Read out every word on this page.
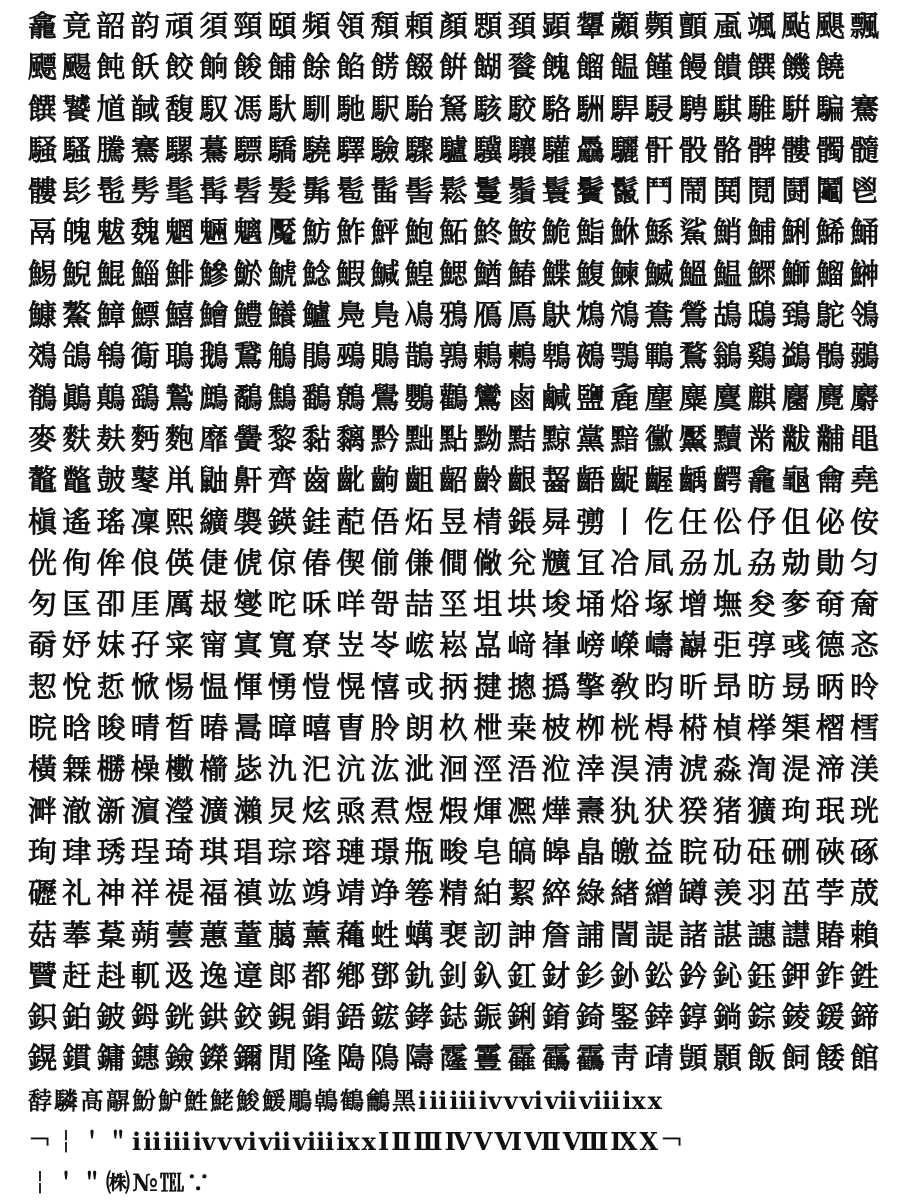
龕竟韶韵頑須頸頤頻領頽頼顏顋頚顕顰顪顭顫颪颯颭颶飄
飃颺飩飫餃餉餕餔餘餡餝餟餠餬餮餽餾饂饉饅饋饌饑饒
饌饕馗馘馥馭馮馱馴馳駅駘駑駭駮駱駲駻駸騁騏騅騈騙騫
騒騷騰騫騾驀驃驕驍驛驗驟驢驥驤驩驫驪骭骰骼髀髏髑髓
髏髟髢髣髦髯髫髮髴髱髷髻鬆鬘鬚鬟鬢鬣鬥鬧鬨鬩鬪鬮鬯
鬲魄魃魏魍魎魑魘魴鮓鮃鮑鮖鮗鮟鮠鮨鮴鯀鯊鮹鯆鯏鯑鯒
鯣鯢鯤鯔鯡鰺鯲鯱鯰鰕鰔鰉鰓鰌鰆鰈鰒鰊鰄鰮鰛鰥鰤鰡鰰
鱇鰲鱆鰾鱚鱠鱧鱶鱸鳧鳬鳰鴉鴈鳫鴃鴆鴪鴦鶯鴣鴟鵄鴕鴒
鵁鴿鴾鵆鵈鵝鵞鵤鵑鵐鵙鵲鶉鶇鶫鵯鵺鶚鶤鶩鶲鷄鷁鶻鶸
鶺鷆鷏鷂鷙鷓鷸鷦鷭鷯鷽鸚鸛鸞鹵鹹鹽麁麈麋麌麒麕麑麝
麥麩麸麪麭靡黌黎黏黐黔黜點黝黠黥黨黯黴黶黷黹黻黼黽
鼇鼈皷鼕鼡鼬鼾齊齒齔齣齟齠齡齦齧齬齪齷齲齶龕龜龠堯
槇遙瑤凜熙纊褜鍈銈蓜俉炻昱棈鋹曻彅丨仡仼伀伃伹佖侒
侊侚侔俍偀倢俿倞偆偰偂傔僴僘兊兤冝冾凬刕劜劦勀勛匀
匇匤卲厓厲叝燮咜咊咩哿喆坙坥垬埈埇焀塚增墲夋奓奛奝
奣妤妺孖寀甯寘寬尞岦岺峵崧嵓﨑嵂嵭嶸嶹巐弡弴彧德忞
恝悅悊惞惕愠惲愑愷愰憘戓抦揵摠撝擎敎昀昕昻昉昮昞昤
晥晗晙晴晳暙暠暲暿曺朎朗杦枻桒柀栁桄棏﨓楨﨔榘槢樰
橫橆橳橾櫢櫤毖氿汜沆汯泚洄涇浯涖涬淏淸淲淼渹湜渧渼
溿澈澵濵瀅瀇瀨炅炫焏焄煜煆煇凞燁燾犱犾猤猪獷玽珉珖
珣珒琇珵琦琪琩琮瑢璉璟甁畯皂皜皞皛皦益睆劯砡硎硤硺
礰礼神祥禔福禛竑竧靖竫箞精絈絜綷綠緖繒罇羡羽茁荢荿
菇菶葈蒴蕓蕙蕫﨟薰蘒﨡蠇裵訒訷詹誧誾諟諸諶譓譿賰賴
贒赶﨣軏﨤逸遧郞都鄕鄧釚釗釞釭釮釤釥鈆鈐鈊鈺鉀鈼鉎
鉙鉑鈹鉧銧鉷鉸鋧鋗鋙鋐﨧鋕鋠鋓錥錡鋻﨨錞鋿錝錂鍰鍗
鎤鏆鏞鏸鐱鑅鑈閒隆﨩隝隯霳霻靃靍靏靑靕顗顥飯飼餧館
馞驎髙髜魵魲鮏鮱鮻鰀鵰鵫鶴鸙黑ⅰⅱⅲⅳⅴⅵⅶⅷⅸⅹ
￢￤＇＂ⅰⅱⅲⅳⅴⅵⅶⅷⅸⅹⅠⅡⅢⅣⅤⅥⅦⅧⅨⅩ￢
￤＇＂㈱№℡∵
